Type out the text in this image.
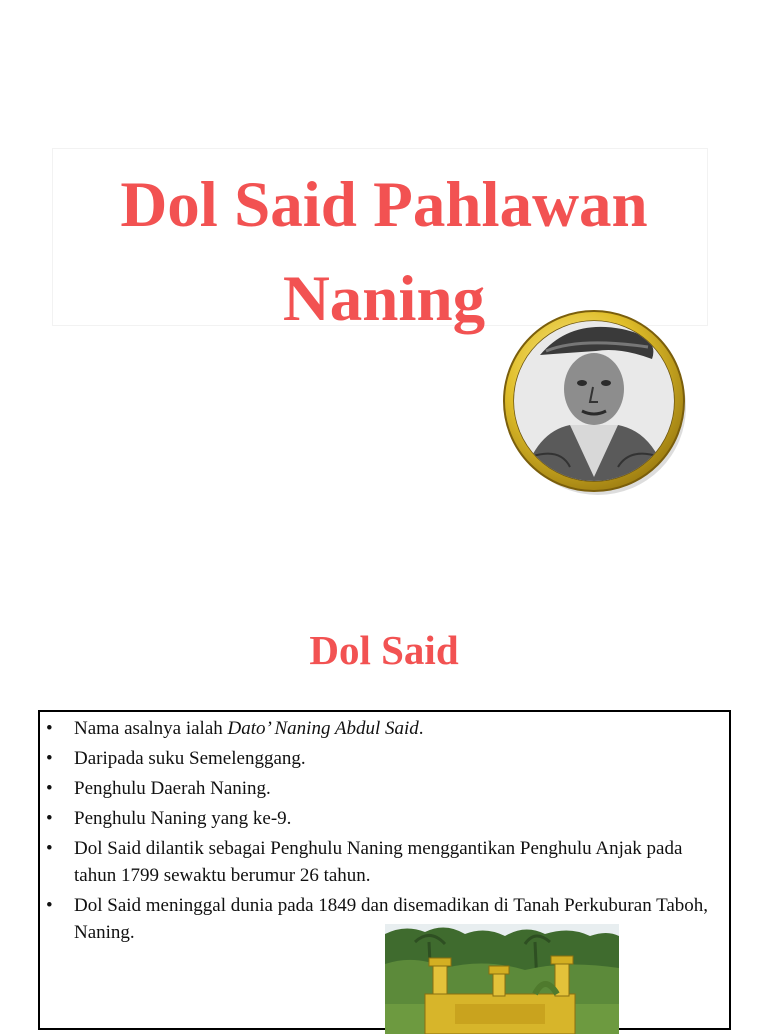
Dol Said Pahlawan
Naning
Dol Said
• Nama asalnya ialah Dato’ Naning Abdul Said.
• Daripada suku Semelenggang.
• Penghulu Daerah Naning.
• Penghulu Naning yang ke-9.
• Dol Said dilantik sebagai Penghulu Naning menggantikan Penghulu Anjak pada tahun 1799 sewaktu berumur 26 tahun.
• Dol Said meninggal dunia pada 1849 dan disemadikan di Tanah Perkuburan Taboh, Naning.
